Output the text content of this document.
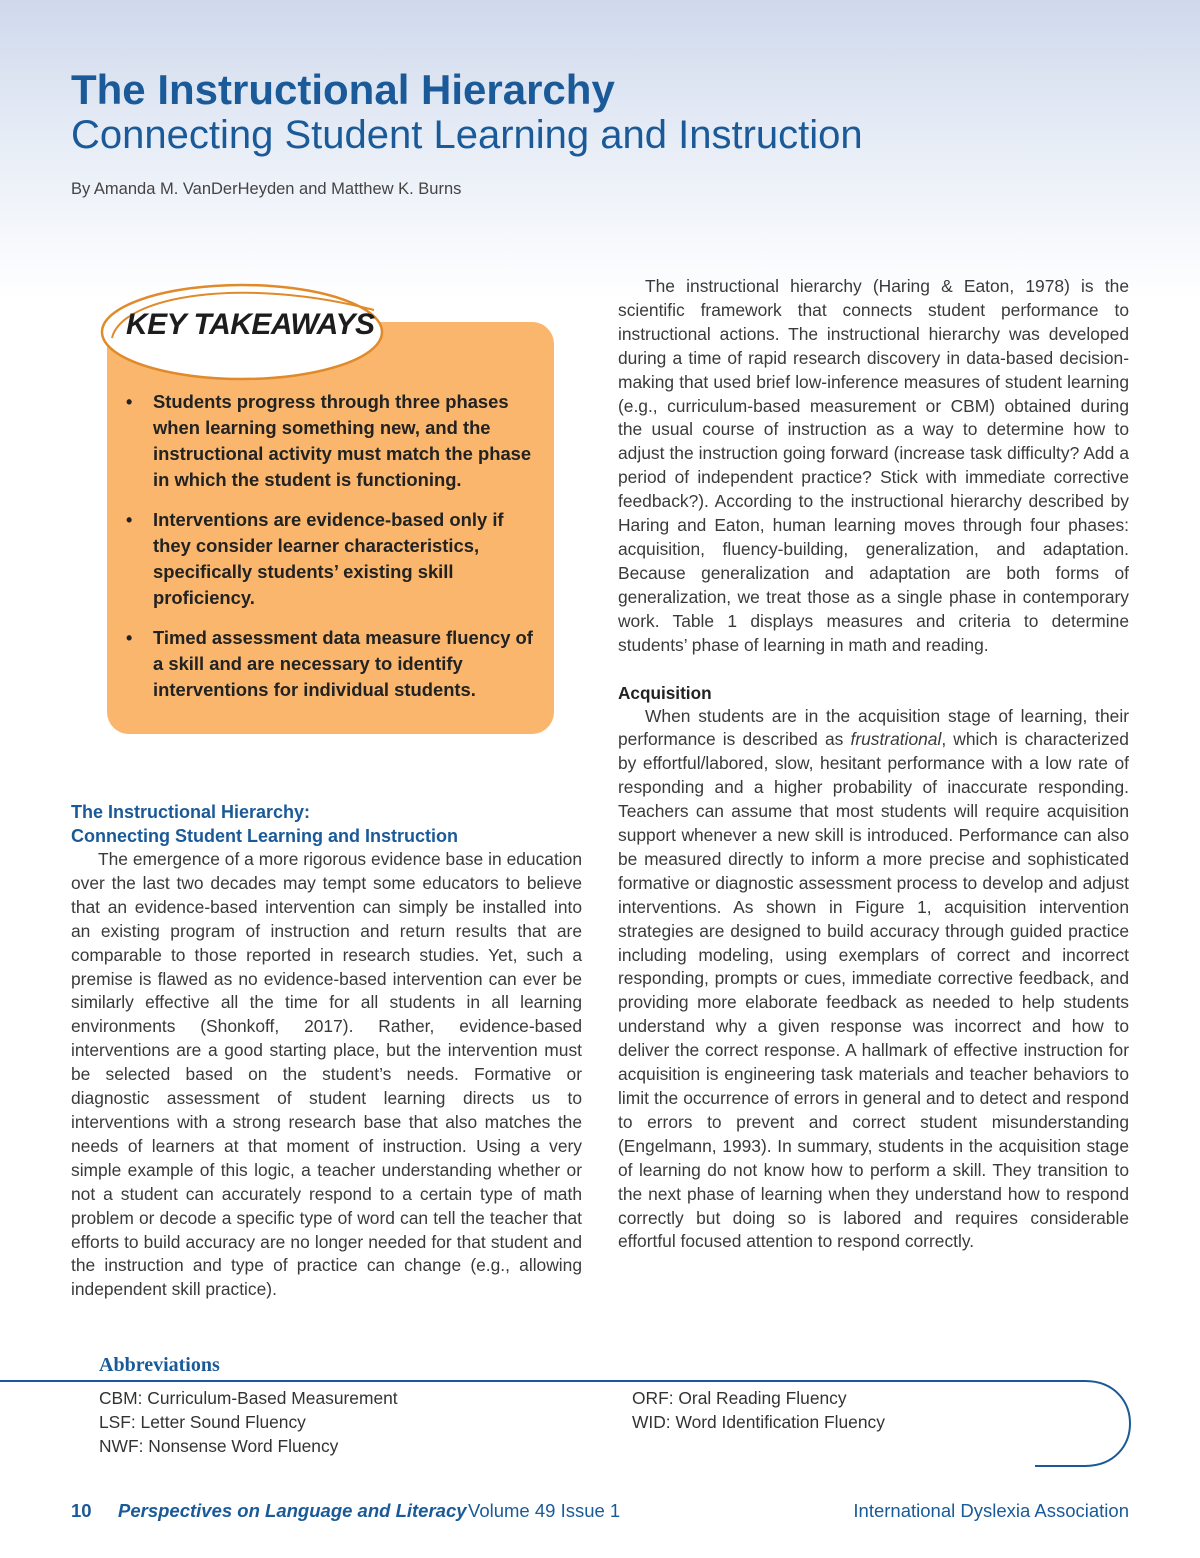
The Instructional Hierarchy
Connecting Student Learning and Instruction

By Amanda M. VanDerHeyden and Matthew K. Burns

KEY TAKEAWAYS
• Students progress through three phases when learning something new, and the instructional activity must match the phase in which the student is functioning.
• Interventions are evidence-based only if they consider learner characteristics, specifically students’ existing skill proficiency.
• Timed assessment data measure fluency of a skill and are necessary to identify interventions for individual students.

The Instructional Hierarchy:

Connecting Student Learning and Instruction

The emergence of a more rigorous evidence base in education over the last two decades may tempt some educators to believe that an evidence-based intervention can simply be installed into an existing program of instruction and return results that are comparable to those reported in research studies. Yet, such a premise is flawed as no evidence-based intervention can ever be similarly effective all the time for all students in all learning environments (Shonkoff, 2017). Rather, evidence-based interventions are a good starting place, but the intervention must be selected based on the student’s needs. Formative or diagnostic assessment of student learning directs us to interventions with a strong research base that also matches the needs of learners at that moment of instruction. Using a very simple example of this logic, a teacher understanding whether or not a student can accurately respond to a certain type of math problem or decode a specific type of word can tell the teacher that efforts to build accuracy are no longer needed for that student and the instruction and type of practice can change (e.g., allowing independent skill practice).

The instructional hierarchy (Haring & Eaton, 1978) is the scientific framework that connects student performance to instructional actions. The instructional hierarchy was developed during a time of rapid research discovery in data-based decision-making that used brief low-inference measures of student learning (e.g., curriculum-based measurement or CBM) obtained during the usual course of instruction as a way to determine how to adjust the instruction going forward (increase task difficulty? Add a period of independent practice? Stick with immediate corrective feedback?). According to the instructional hierarchy described by Haring and Eaton, human learning moves through four phases: acquisition, fluency-building, generalization, and adaptation. Because generalization and adaptation are both forms of generalization, we treat those as a single phase in contemporary work. Table 1 displays measures and criteria to determine students’ phase of learning in math and reading.

Acquisition

When students are in the acquisition stage of learning, their performance is described as frustrational, which is characterized by effortful/labored, slow, hesitant performance with a low rate of responding and a higher probability of inaccurate responding. Teachers can assume that most students will require acquisition support whenever a new skill is introduced. Performance can also be measured directly to inform a more precise and sophisticated formative or diagnostic assessment process to develop and adjust interventions. As shown in Figure 1, acquisition intervention strategies are designed to build accuracy through guided practice including modeling, using exemplars of correct and incorrect responding, prompts or cues, immediate corrective feedback, and providing more elaborate feedback as needed to help students understand why a given response was incorrect and how to deliver the correct response. A hallmark of effective instruction for acquisition is engineering task materials and teacher behaviors to limit the occurrence of errors in general and to detect and respond to errors to prevent and correct student misunderstanding (Engelmann, 1993). In summary, students in the acquisition stage of learning do not know how to perform a skill. They transition to the next phase of learning when they understand how to respond correctly but doing so is labored and requires considerable effortful focused attention to respond correctly.

Abbreviations
CBM: Curriculum-Based Measurement
LSF: Letter Sound Fluency
NWF: Nonsense Word Fluency
ORF: Oral Reading Fluency
WID: Word Identification Fluency
10 Perspectives on Language and Literacy Volume 49 Issue 1	International Dyslexia Association
